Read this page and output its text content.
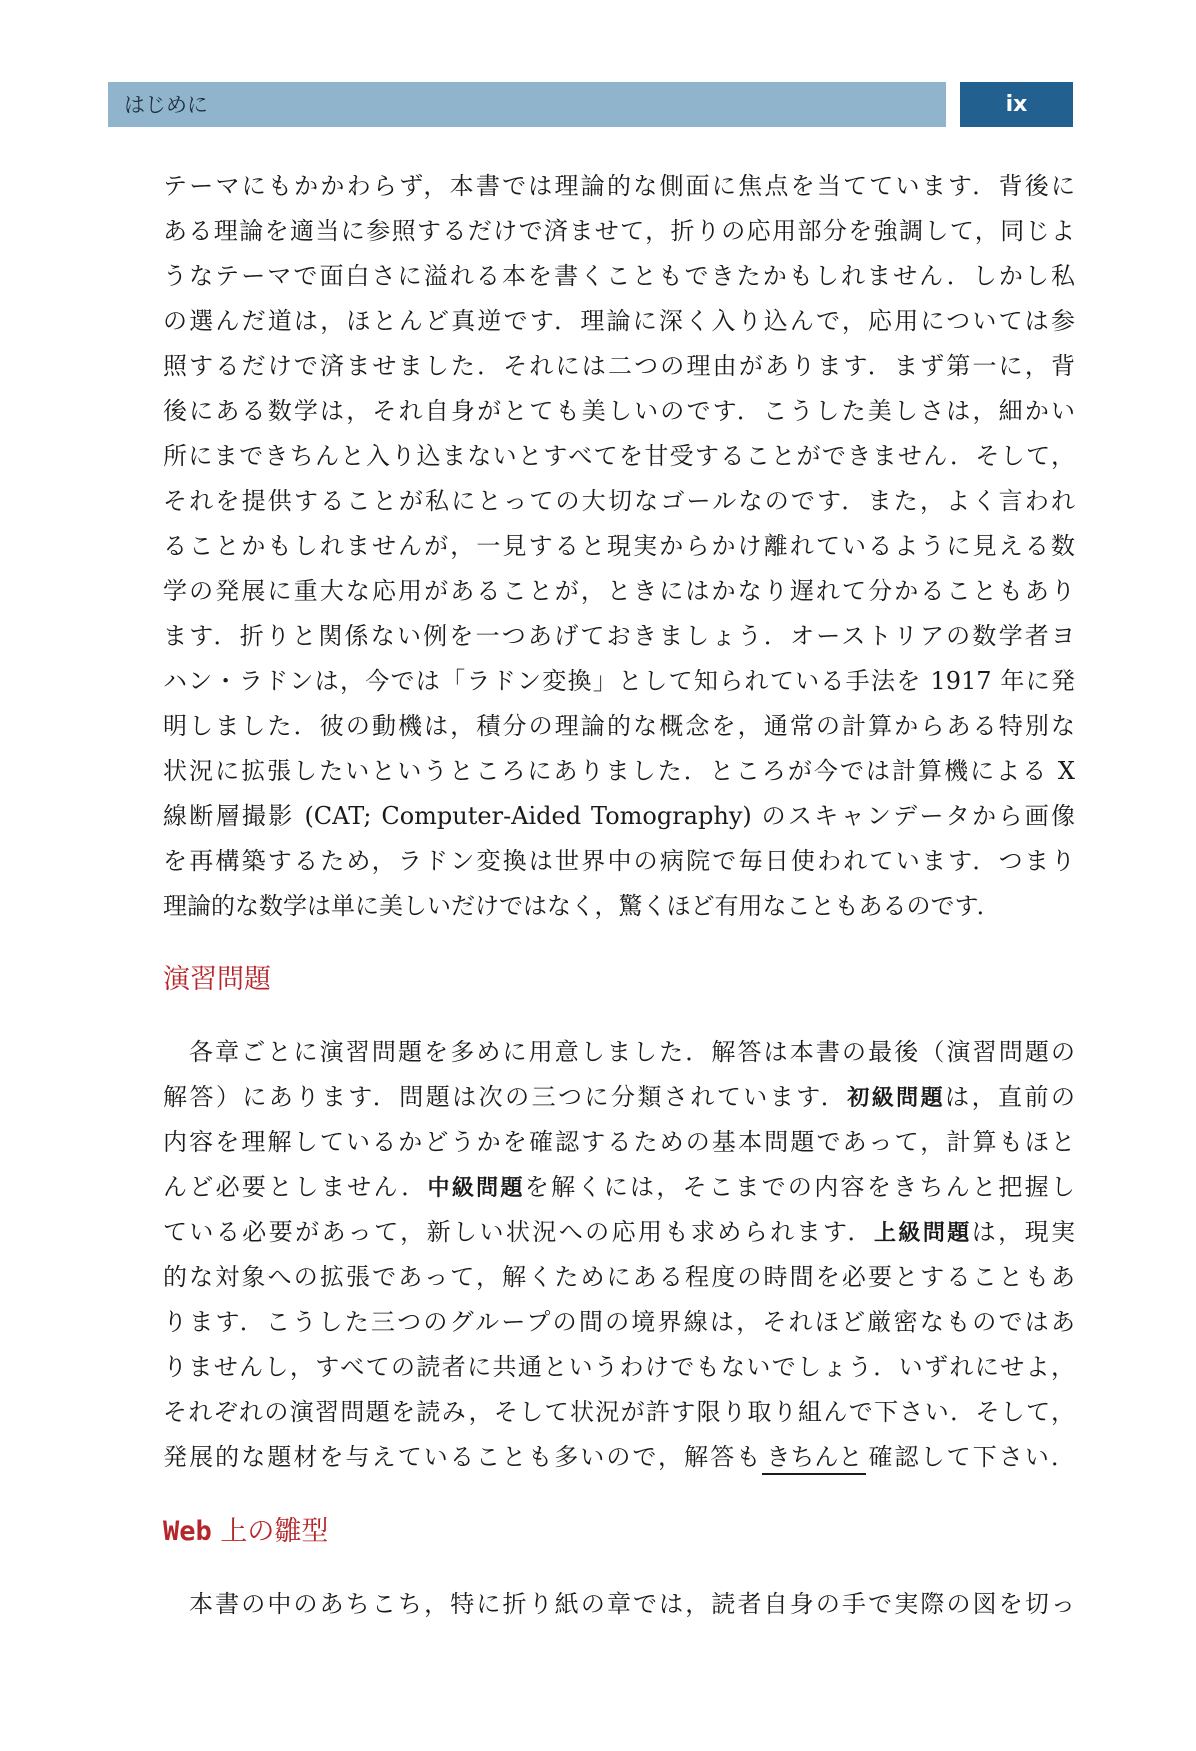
はじめに	ix
テーマにもかかわらず，本書では理論的な側面に焦点を当てています．背後に
ある理論を適当に参照するだけで済ませて，折りの応用部分を強調して，同じよ
うなテーマで面白さに溢れる本を書くこともできたかもしれません．しかし私
の選んだ道は，ほとんど真逆です．理論に深く入り込んで，応用については参
照するだけで済ませました．それには二つの理由があります．まず第一に，背
後にある数学は，それ自身がとても美しいのです．こうした美しさは，細かい
所にまできちんと入り込まないとすべてを甘受することができません．そして，
それを提供することが私にとっての大切なゴールなのです．また，よく言われ
ることかもしれませんが，一見すると現実からかけ離れているように見える数
学の発展に重大な応用があることが，ときにはかなり遅れて分かることもあり
ます．折りと関係ない例を一つあげておきましょう．オーストリアの数学者ヨ
ハン・ラドンは，今では「ラドン変換」として知られている手法を 1917 年に発
明しました．彼の動機は，積分の理論的な概念を，通常の計算からある特別な
状況に拡張したいというところにありました．ところが今では計算機による X
線断層撮影 (CAT; Computer-Aided Tomography) のスキャンデータから画像
を再構築するため，ラドン変換は世界中の病院で毎日使われています．つまり
理論的な数学は単に美しいだけではなく，驚くほど有用なこともあるのです．
演習問題
各章ごとに演習問題を多めに用意しました．解答は本書の最後（演習問題の
解答）にあります．問題は次の三つに分類されています．初級問題は，直前の
内容を理解しているかどうかを確認するための基本問題であって，計算もほと
んど必要としません．中級問題を解くには，そこまでの内容をきちんと把握し
ている必要があって，新しい状況への応用も求められます．上級問題は，現実
的な対象への拡張であって，解くためにある程度の時間を必要とすることもあ
ります．こうした三つのグループの間の境界線は，それほど厳密なものではあ
りませんし，すべての読者に共通というわけでもないでしょう．いずれにせよ，
それぞれの演習問題を読み，そして状況が許す限り取り組んで下さい．そして，
発展的な題材を与えていることも多いので，解答も きちんと 確認して下さい．
Web 上の雛型
本書の中のあちこち，特に折り紙の章では，読者自身の手で実際の図を切っ
